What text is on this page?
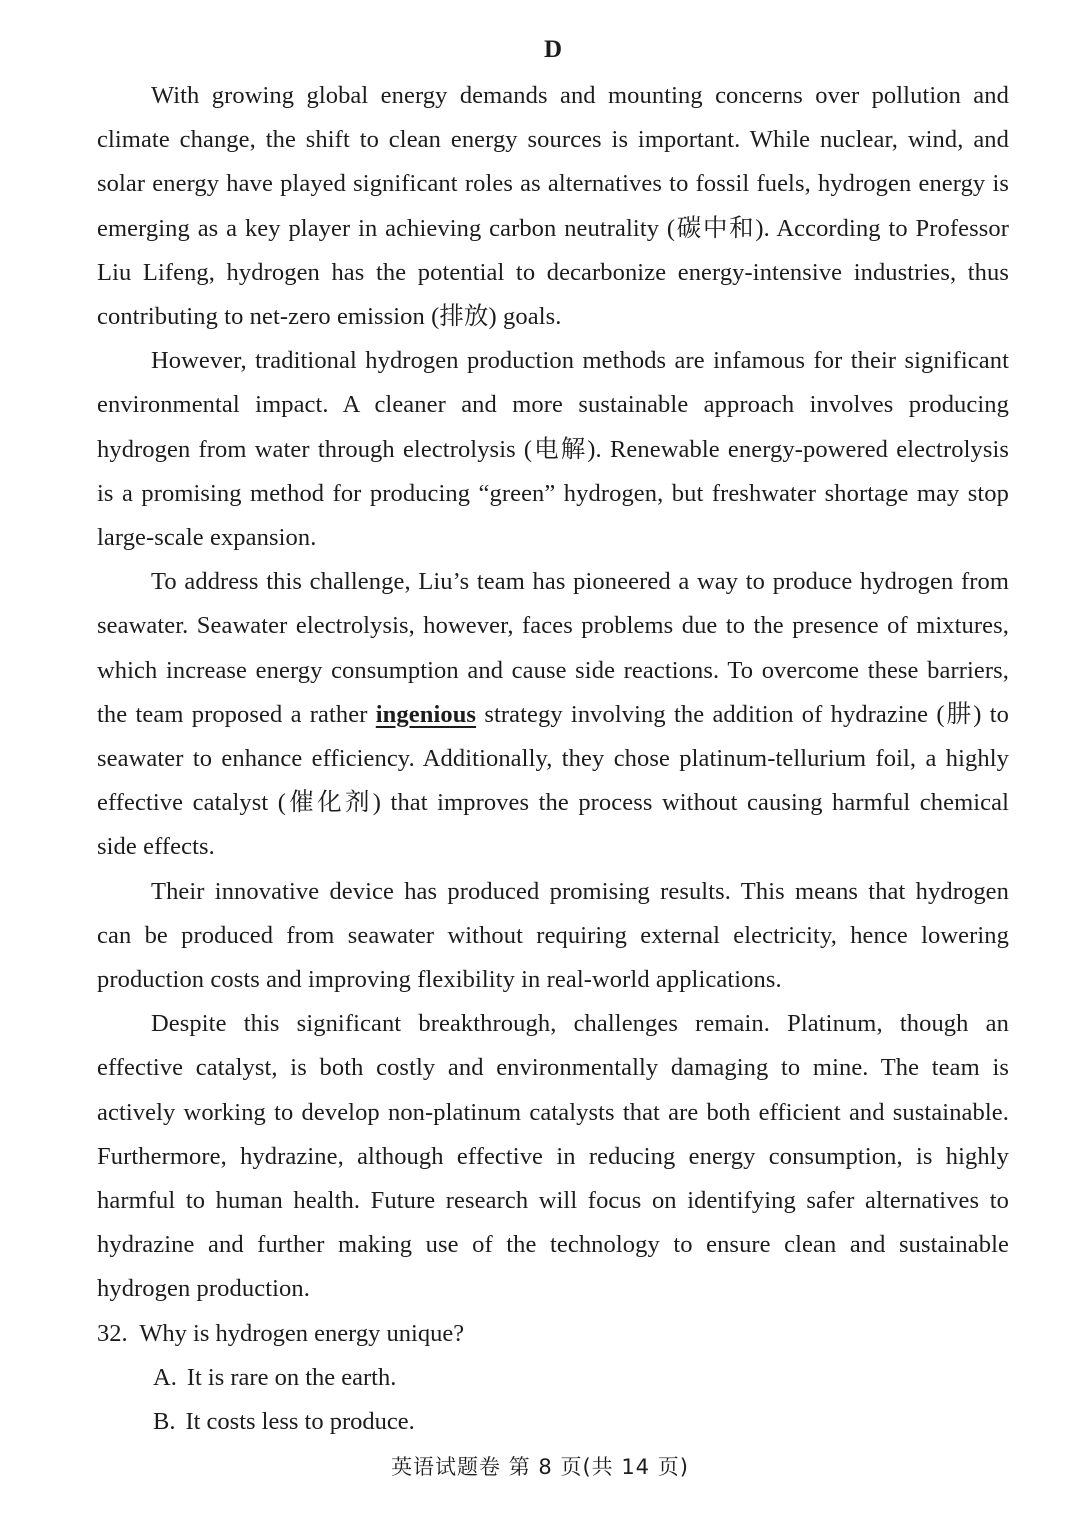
D

With growing global energy demands and mounting concerns over pollution and climate change, the shift to clean energy sources is important. While nuclear, wind, and solar energy have played significant roles as alternatives to fossil fuels, hydrogen energy is emerging as a key player in achieving carbon neutrality (碳中和). According to Professor Liu Lifeng, hydrogen has the potential to decarbonize energy-intensive industries, thus contributing to net-zero emission (排放) goals.

However, traditional hydrogen production methods are infamous for their significant environmental impact. A cleaner and more sustainable approach involves producing hydrogen from water through electrolysis (电解). Renewable energy-powered electrolysis is a promising method for producing “green” hydrogen, but freshwater shortage may stop large-scale expansion.

To address this challenge, Liu’s team has pioneered a way to produce hydrogen from seawater. Seawater electrolysis, however, faces problems due to the presence of mixtures, which increase energy consumption and cause side reactions. To overcome these barriers, the team proposed a rather ingenious strategy involving the addition of hydrazine (肼) to seawater to enhance efficiency. Additionally, they chose platinum-tellurium foil, a highly effective catalyst (催化剂) that improves the process without causing harmful chemical side effects.

Their innovative device has produced promising results. This means that hydrogen can be produced from seawater without requiring external electricity, hence lowering production costs and improving flexibility in real-world applications.

Despite this significant breakthrough, challenges remain. Platinum, though an effective catalyst, is both costly and environmentally damaging to mine. The team is actively working to develop non-platinum catalysts that are both efficient and sustainable. Furthermore, hydrazine, although effective in reducing energy consumption, is highly harmful to human health. Future research will focus on identifying safer alternatives to hydrazine and further making use of the technology to ensure clean and sustainable hydrogen production.

32. Why is hydrogen energy unique?
A. It is rare on the earth.
B. It costs less to produce.
英语试题卷 第 8 页(共 14 页)
